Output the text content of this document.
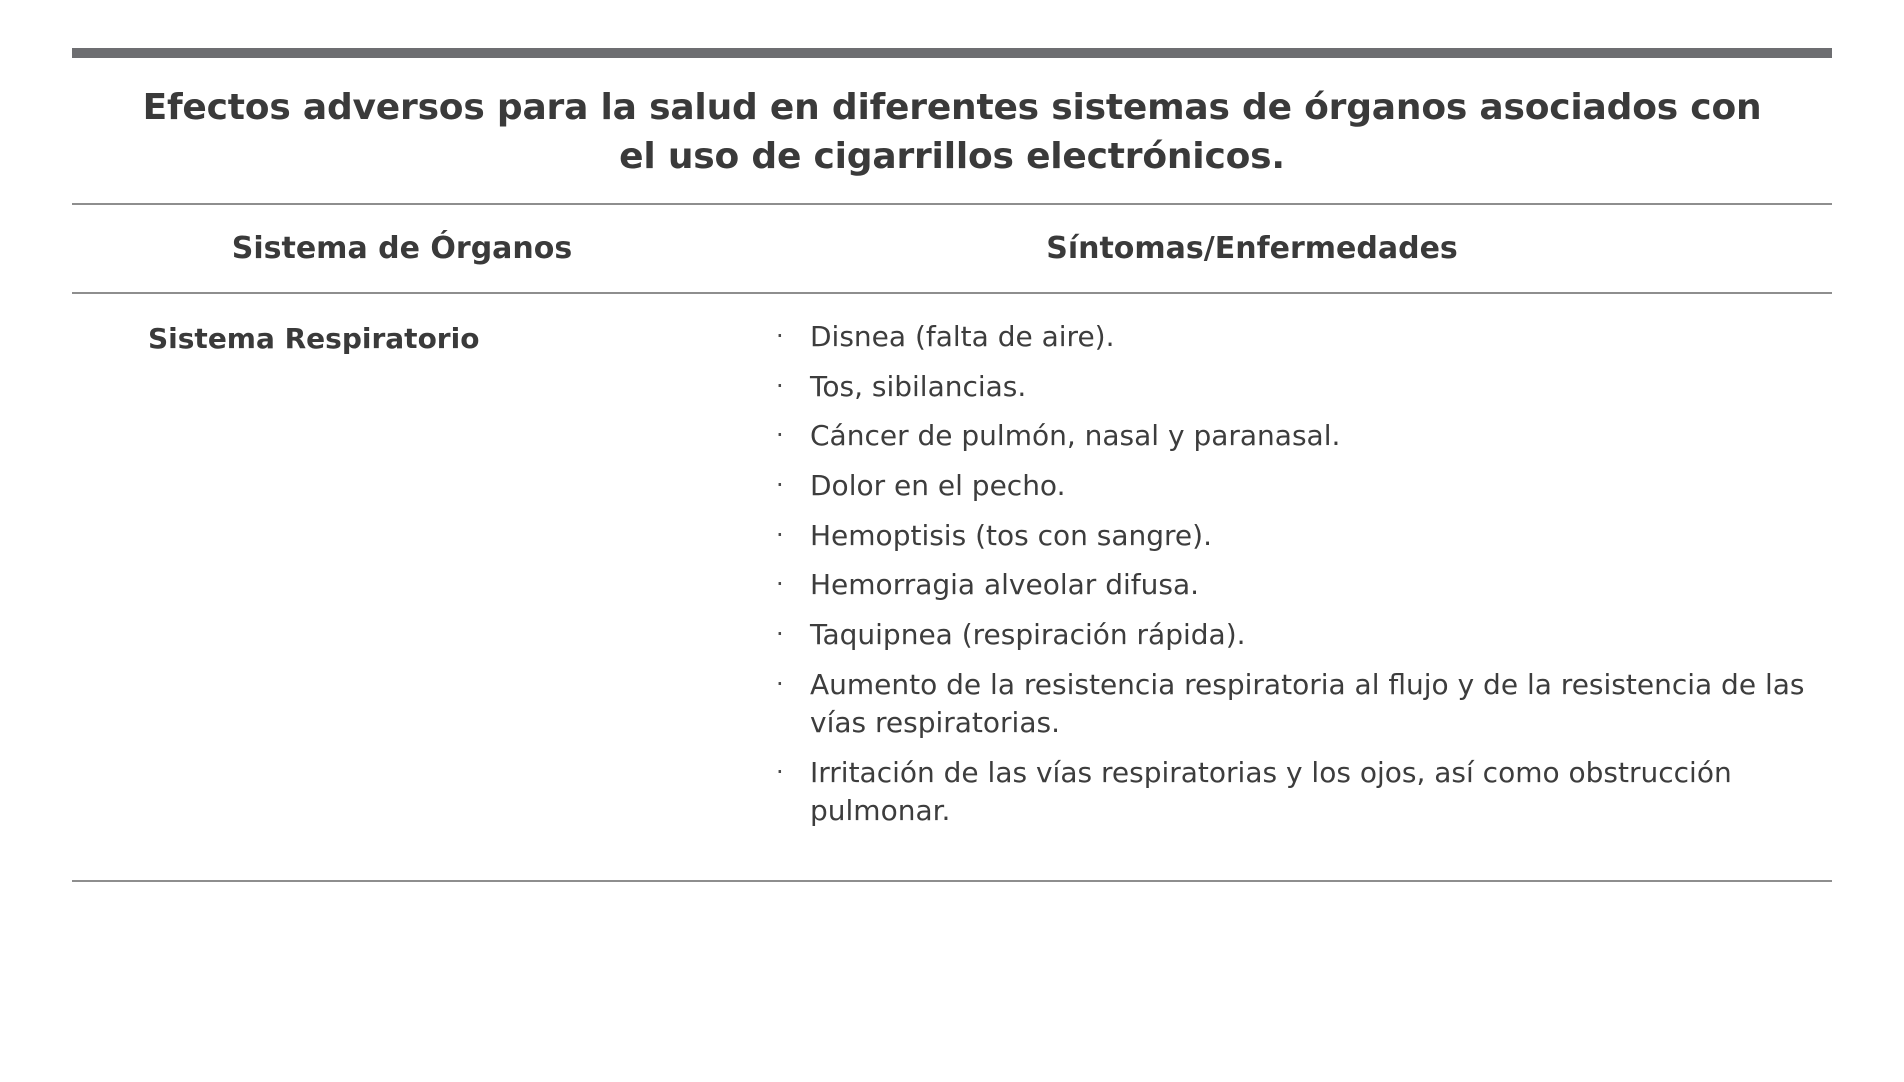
Efectos adversos para la salud en diferentes sistemas de órganos asociados con el uso de cigarrillos electrónicos.
Sistema de Órganos	Síntomas/Enfermedades
Sistema Respiratorio	· Disnea (falta de aire).
· Tos, sibilancias.
· Cáncer de pulmón, nasal y paranasal.
· Dolor en el pecho.
· Hemoptisis (tos con sangre).
· Hemorragia alveolar difusa.
· Taquipnea (respiración rápida).
· Aumento de la resistencia respiratoria al flujo y de la resistencia de las vías respiratorias.
· Irritación de las vías respiratorias y los ojos, así como obstrucción pulmonar.
